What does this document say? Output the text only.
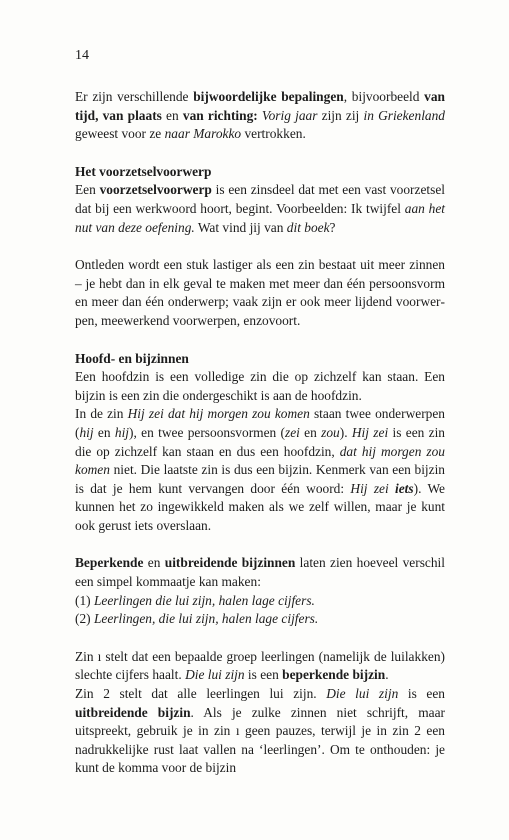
14

Er zijn verschillende bijwoordelijke bepalingen, bijvoorbeeld van tijd, van plaats en van richting: Vorig jaar zijn zij in Griekenland geweest voor ze naar Marokko vertrokken.

Het voorzetselvoorwerp
Een voorzetselvoorwerp is een zinsdeel dat met een vast voorzetsel dat bij een werkwoord hoort, begint. Voorbeelden: Ik twijfel aan het nut van deze oefening. Wat vind jij van dit boek?

Ontleden wordt een stuk lastiger als een zin bestaat uit meer zinnen – je hebt dan in elk geval te maken met meer dan één persoonsvorm en meer dan één onderwerp; vaak zijn er ook meer lijdend voorwerpen, meewerkend voorwerpen, enzovoort.

Hoofd- en bijzinnen
Een hoofdzin is een volledige zin die op zichzelf kan staan. Een bijzin is een zin die ondergeschikt is aan de hoofdzin.
In de zin Hij zei dat hij morgen zou komen staan twee onderwerpen (hij en hij), en twee persoonsvormen (zei en zou). Hij zei is een zin die op zichzelf kan staan en dus een hoofdzin, dat hij morgen zou komen niet. Die laatste zin is dus een bijzin. Kenmerk van een bijzin is dat je hem kunt vervangen door één woord: Hij zei iets). We kunnen het zo ingewikkeld maken als we zelf willen, maar je kunt ook gerust iets overslaan.
Beperkende en uitbreidende bijzinnen laten zien hoeveel verschil een simpel kommaatje kan maken:
(1) Leerlingen die lui zijn, halen lage cijfers.
(2) Leerlingen, die lui zijn, halen lage cijfers.
Zin ı stelt dat een bepaalde groep leerlingen (namelijk de luilakken) slechte cijfers haalt. Die lui zijn is een beperkende bijzin.
Zin 2 stelt dat alle leerlingen lui zijn. Die lui zijn is een uitbreidende bijzin. Als je zulke zinnen niet schrijft, maar uitspreekt, gebruik je in zin ı geen pauzes, terwijl je in zin 2 een nadrukkelijke rust laat vallen na ‘leerlingen’. Om te onthouden: je kunt de komma voor de bijzin
